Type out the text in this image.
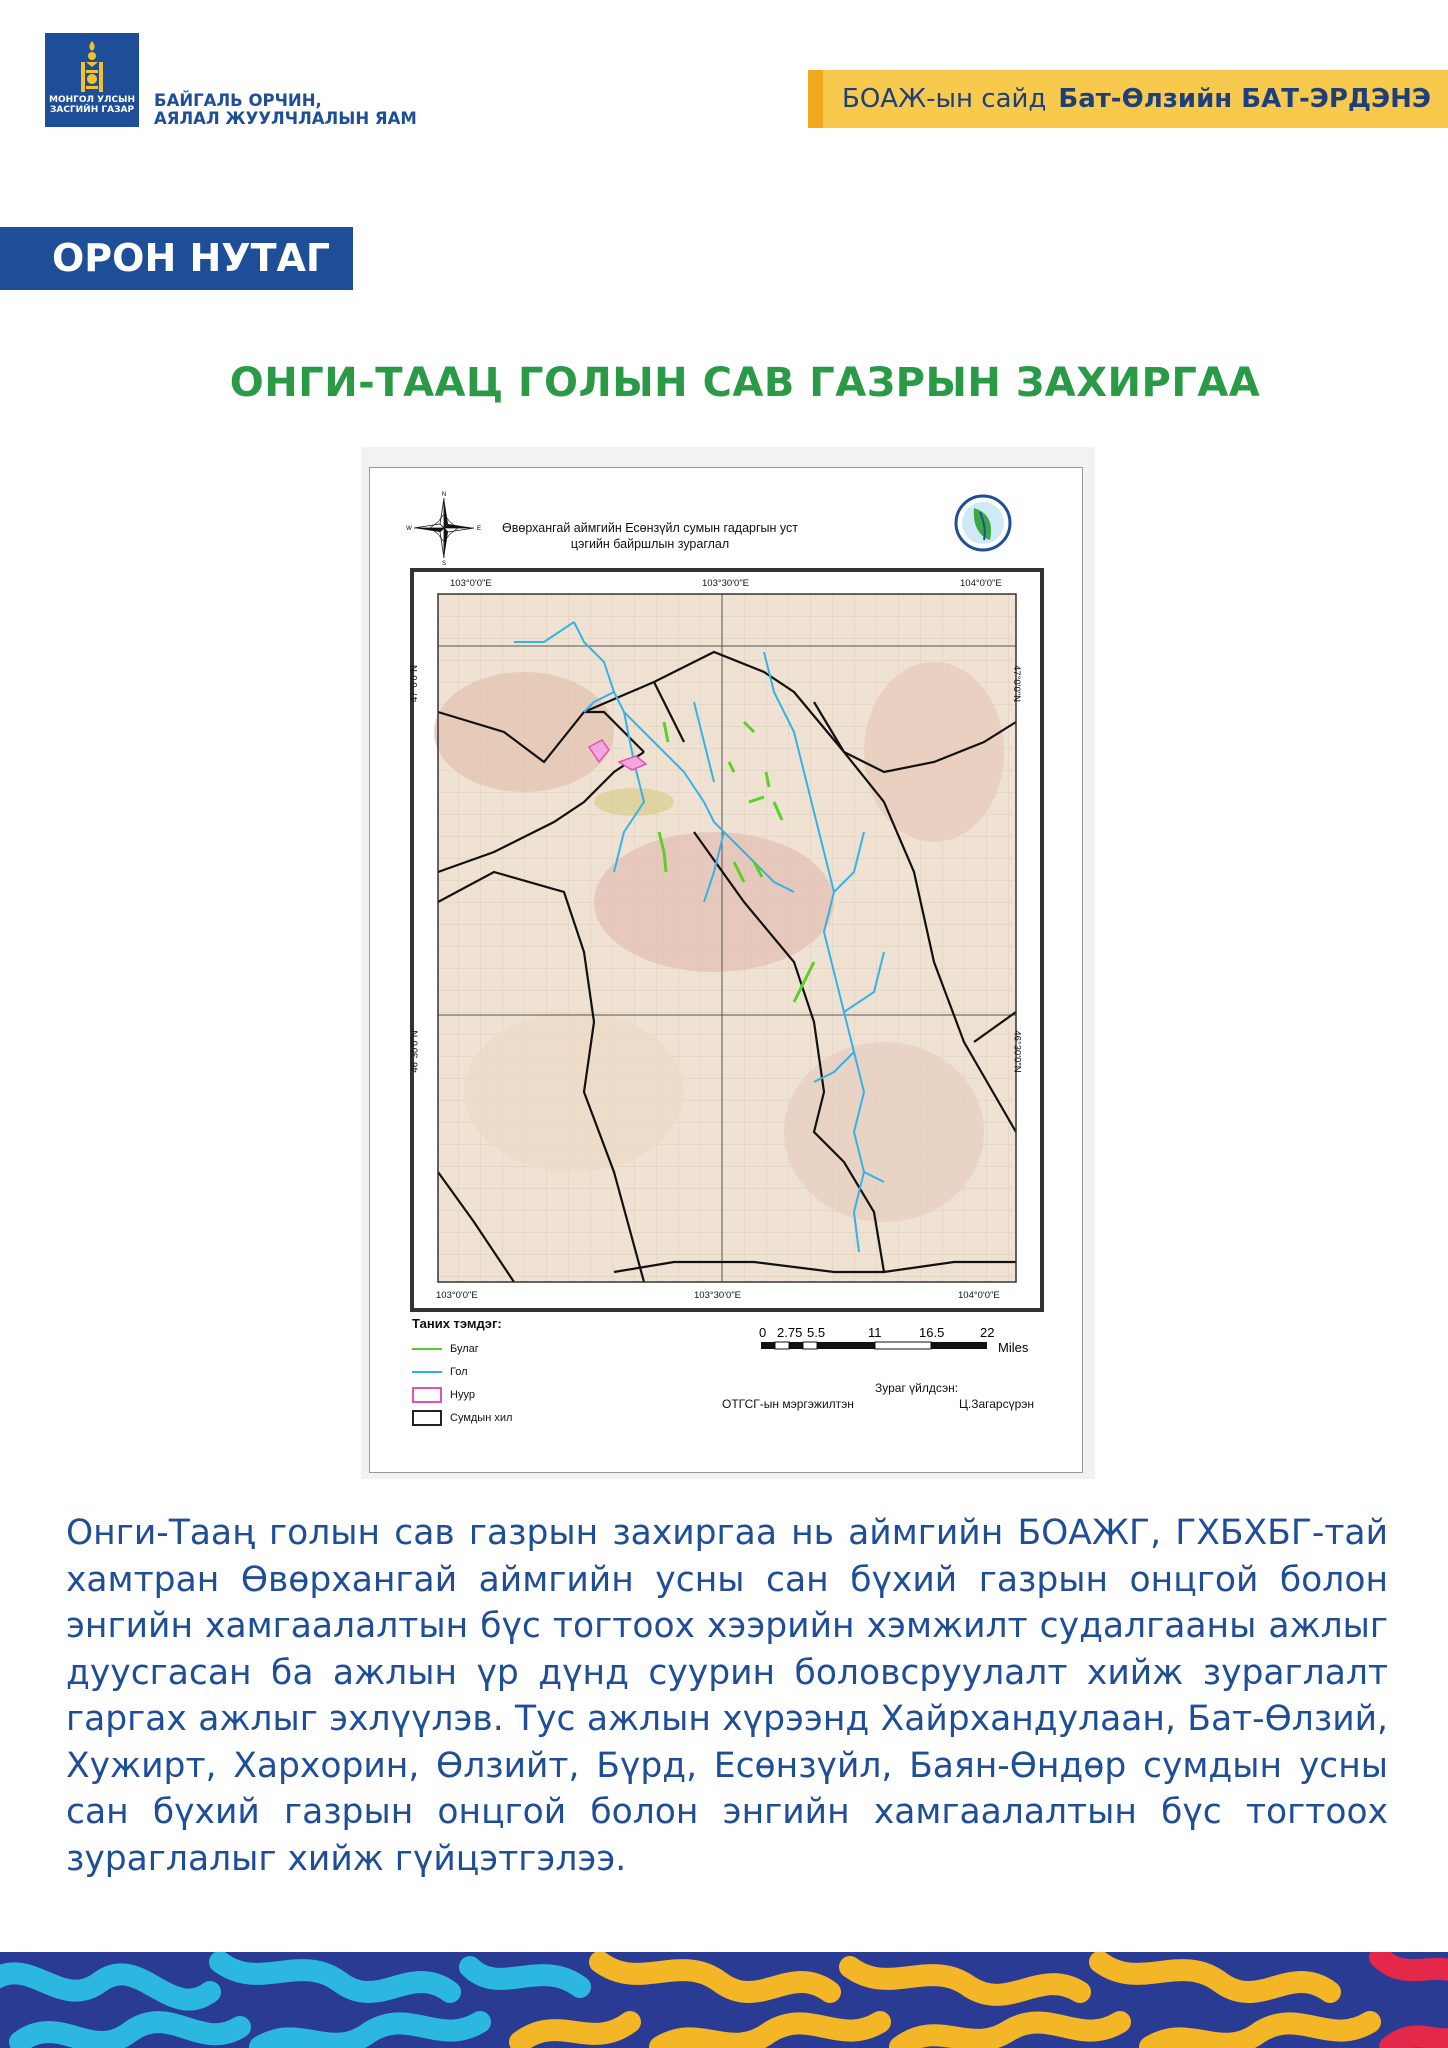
МОНГОЛ УЛСЫН
ЗАСГИЙН ГАЗАР	БАЙГАЛЬ ОРЧИН,
АЯЛАЛ ЖУУЛЧЛАЛЫН ЯАМ
БОАЖ-ын сайд Бат-Өлзийн БАТ-ЭРДЭНЭ
ОРОН НУТАГ
ОНГИ-ТААЦ ГОЛЫН САВ ГАЗРЫН ЗАХИРГАА
N
E
S
W	Өвөрхангай аймгийн Есөнзүйл сумын гадаргын уст
цэгийн байршлын зураглал
103°0'0"E	103°30'0"E	104°0'0"E
103°0'0"E	103°30'0"E	104°0'0"E
47°0'0"N
46°30'0"N
47°0'0"N
46°30'0"N
Таних тэмдэг:
Булаг
Гол
Нуур
Сумдын хил
0 2.75 5.5	11	16.5	22
Miles
Зураг үйлдсэн:
ОТГСГ-ын мэргэжилтэн	Ц.Загарсүрэн
Онги-Тааң голын сав газрын захиргаа нь аймгийн БОАЖГ, ГХБХБГ-тай хамтран Өвөрхангай аймгийн усны сан бүхий газрын онцгой болон энгийн хамгаалалтын бүс тогтоох хээрийн хэмжилт судалгааны ажлыг дуусгасан ба ажлын үр дүнд суурин боловсруулалт хийж зураглалт гаргах ажлыг эхлүүлэв. Тус ажлын хүрээнд Хайрхандулаан, Бат-Өлзий, Хужирт, Хархорин, Өлзийт, Бүрд, Есөнзүйл, Баян-Өндөр сумдын усны сан бүхий газрын онцгой болон энгийн хамгаалалтын бүс тогтоох зураглалыг хийж гүйцэтгэлээ.
